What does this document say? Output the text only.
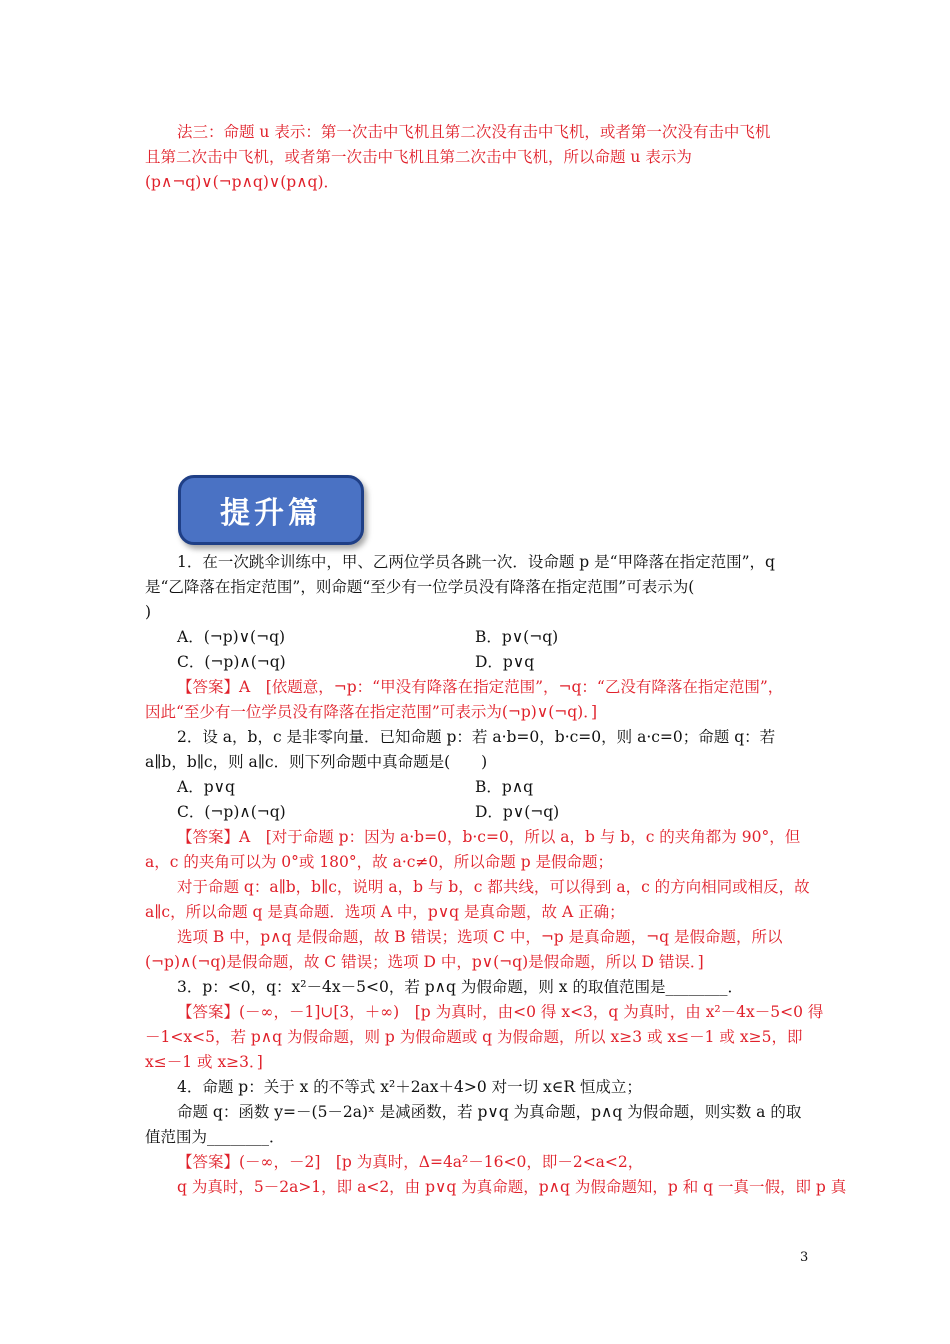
法三：命题 u 表示：第一次击中飞机且第二次没有击中飞机，或者第一次没有击中飞机
且第二次击中飞机，或者第一次击中飞机且第二次击中飞机，所以命题 u 表示为
(p∧¬q)∨(¬p∧q)∨(p∧q)．
提升篇
1．在一次跳伞训练中，甲、乙两位学员各跳一次．设命题 p 是“甲降落在指定范围”，q
是“乙降落在指定范围”，则命题“至少有一位学员没有降落在指定范围”可表示为(
)
A．(¬p)∨(¬q)	B．p∨(¬q)
C．(¬p)∧(¬q)	D．p∨q
【答案】A　[依题意，¬p：“甲没有降落在指定范围”，¬q：“乙没有降落在指定范围”，
因此“至少有一位学员没有降落在指定范围”可表示为(¬p)∨(¬q)．]
2．设 a，b，c 是非零向量．已知命题 p：若 a·b=0，b·c=0，则 a·c=0；命题 q：若
a∥b，b∥c，则 a∥c．则下列命题中真命题是(　　)
A．p∨q	B．p∧q
C．(¬p)∧(¬q)	D．p∨(¬q)
【答案】A　[对于命题 p：因为 a·b=0，b·c=0，所以 a，b 与 b，c 的夹角都为 90°，但
a，c 的夹角可以为 0°或 180°，故 a·c≠0，所以命题 p 是假命题；
对于命题 q：a∥b，b∥c，说明 a，b 与 b，c 都共线，可以得到 a，c 的方向相同或相反，故
a∥c，所以命题 q 是真命题．选项 A 中，p∨q 是真命题，故 A 正确；
选项 B 中，p∧q 是假命题，故 B 错误；选项 C 中，¬p 是真命题，¬q 是假命题，所以
(¬p)∧(¬q)是假命题，故 C 错误；选项 D 中，p∨(¬q)是假命题，所以 D 错误．]
3．p：<0，q：x²－4x－5<0，若 p∧q 为假命题，则 x 的取值范围是________．
【答案】(－∞，－1]∪[3，＋∞)　[p 为真时，由<0 得 x<3，q 为真时，由 x²－4x－5<0 得
－1<x<5，若 p∧q 为假命题，则 p 为假命题或 q 为假命题，所以 x≥3 或 x≤－1 或 x≥5，即
x≤－1 或 x≥3．]
4．命题 p：关于 x 的不等式 x²＋2ax＋4>0 对一切 x∈R 恒成立；
命题 q：函数 y=－(5－2a)ˣ 是减函数，若 p∨q 为真命题，p∧q 为假命题，则实数 a 的取
值范围为________．
【答案】(－∞，－2]　[p 为真时，Δ=4a²－16<0，即－2<a<2，
q 为真时，5－2a>1，即 a<2，由 p∨q 为真命题，p∧q 为假命题知，p 和 q 一真一假，即 p 真
3
